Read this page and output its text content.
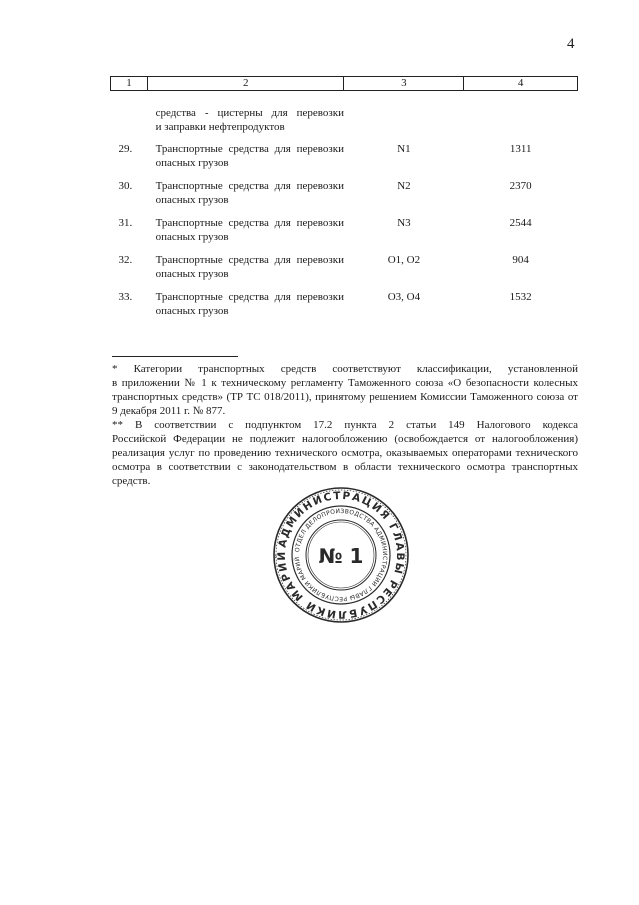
4
1	2	3	4

	средства - цистерны для перевозки
и заправки нефтепродуктов		

29.	Транспортные средства для перевозки
опасных грузов	N1	1311
30.	Транспортные средства для перевозки
опасных грузов	N2	2370
31.	Транспортные средства для перевозки
опасных грузов	N3	2544
32.	Транспортные средства для перевозки
опасных грузов	O1, O2	904
33.	Транспортные средства для перевозки
опасных грузов	O3, O4	1532

* Категории транспортных средств соответствуют классификации, установленной
в приложении № 1 к техническому регламенту Таможенного союза «О безопасности колесных транспортных средств» (ТР ТС 018/2011), принятому решением Комиссии Таможенного союза от 9 декабря 2011 г. № 877.

** В соответствии с подпунктом 17.2 пункта 2 статьи 149 Налогового кодекса
Российской Федерации не подлежит налогообложению (освобождается от налогообложения) реализация услуг по проведению технического осмотра, оказываемых операторами технического осмотра в соответствии с законодательством в области технического осмотра транспортных средств.

АДМИНИСТРАЦИЯ ГЛАВЫ РЕСПУБЛИКИ МАРИЙ
ОТДЕЛ ДЕЛОПРОИЗВОДСТВА АДМИНИСТРАЦИИ ГЛАВЫ РЕСПУБЛИКИ МАРИЙ № 1
